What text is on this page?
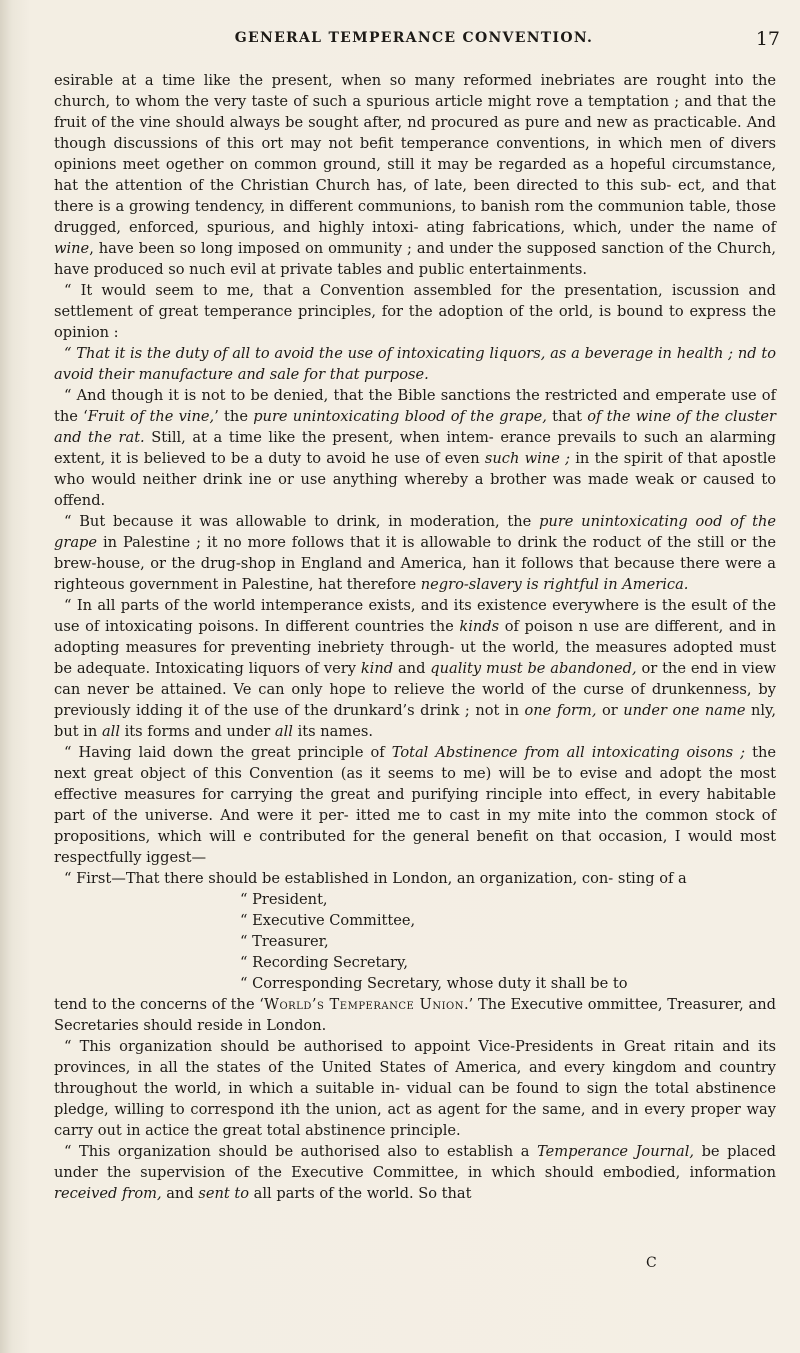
GENERAL TEMPERANCE CONVENTION.	17

esirable at a time like the present, when so many reformed inebriates are rought into the church, to whom the very taste of such a spurious article might rove a temptation ; and that the fruit of the vine should always be sought after, nd procured as pure and new as practicable. And though discussions of this ort may not befit temperance conventions, in which men of divers opinions meet ogether on common ground, still it may be regarded as a hopeful circumstance, hat the attention of the Christian Church has, of late, been directed to this sub- ect, and that there is a growing tendency, in different communions, to banish rom the communion table, those drugged, enforced, spurious, and highly intoxi- ating fabrications, which, under the name of wine, have been so long imposed on ommunity ; and under the supposed sanction of the Church, have produced so nuch evil at private tables and public entertainments.

“ It would seem to me, that a Convention assembled for the presentation, iscussion and settlement of great temperance principles, for the adoption of the orld, is bound to express the opinion :

“ That it is the duty of all to avoid the use of intoxicating liquors, as a beverage in health ; nd to avoid their manufacture and sale for that purpose.

“ And though it is not to be denied, that the Bible sanctions the restricted and emperate use of the ‘Fruit of the vine,’ the pure unintoxicating blood of the grape, that of the wine of the cluster and the rat. Still, at a time like the present, when intem- erance prevails to such an alarming extent, it is believed to be a duty to avoid he use of even such wine ; in the spirit of that apostle who would neither drink ine or use anything whereby a brother was made weak or caused to offend.

“ But because it was allowable to drink, in moderation, the pure unintoxicating ood of the grape in Palestine ; it no more follows that it is allowable to drink the roduct of the still or the brew-house, or the drug-shop in England and America, han it follows that because there were a righteous government in Palestine, hat therefore negro-slavery is rightful in America.

“ In all parts of the world intemperance exists, and its existence everywhere is the esult of the use of intoxicating poisons. In different countries the kinds of poison n use are different, and in adopting measures for preventing inebriety through- ut the world, the measures adopted must be adequate. Intoxicating liquors of very kind and quality must be abandoned, or the end in view can never be attained. Ve can only hope to relieve the world of the curse of drunkenness, by previously idding it of the use of the drunkard’s drink ; not in one form, or under one name nly, but in all its forms and under all its names.

“ Having laid down the great principle of Total Abstinence from all intoxicating oisons ; the next great object of this Convention (as it seems to me) will be to evise and adopt the most effective measures for carrying the great and purifying rinciple into effect, in every habitable part of the universe. And were it per- itted me to cast in my mite into the common stock of propositions, which will e contributed for the general benefit on that occasion, I would most respectfully iggest—

“ First—That there should be established in London, an organization, con- sting of a

“ President,

“ Executive Committee,

“ Treasurer,

“ Recording Secretary,

“ Corresponding Secretary, whose duty it shall be to

tend to the concerns of the ‘World’s Temperance Union.’ The Executive ommittee, Treasurer, and Secretaries should reside in London.

“ This organization should be authorised to appoint Vice-Presidents in Great ritain and its provinces, in all the states of the United States of America, and every kingdom and country throughout the world, in which a suitable in- vidual can be found to sign the total abstinence pledge, willing to correspond ith the union, act as agent for the same, and in every proper way carry out in actice the great total abstinence principle.

“ This organization should be authorised also to establish a Temperance Journal, be placed under the supervision of the Executive Committee, in which should embodied, information received from, and sent to all parts of the world. So that

C
